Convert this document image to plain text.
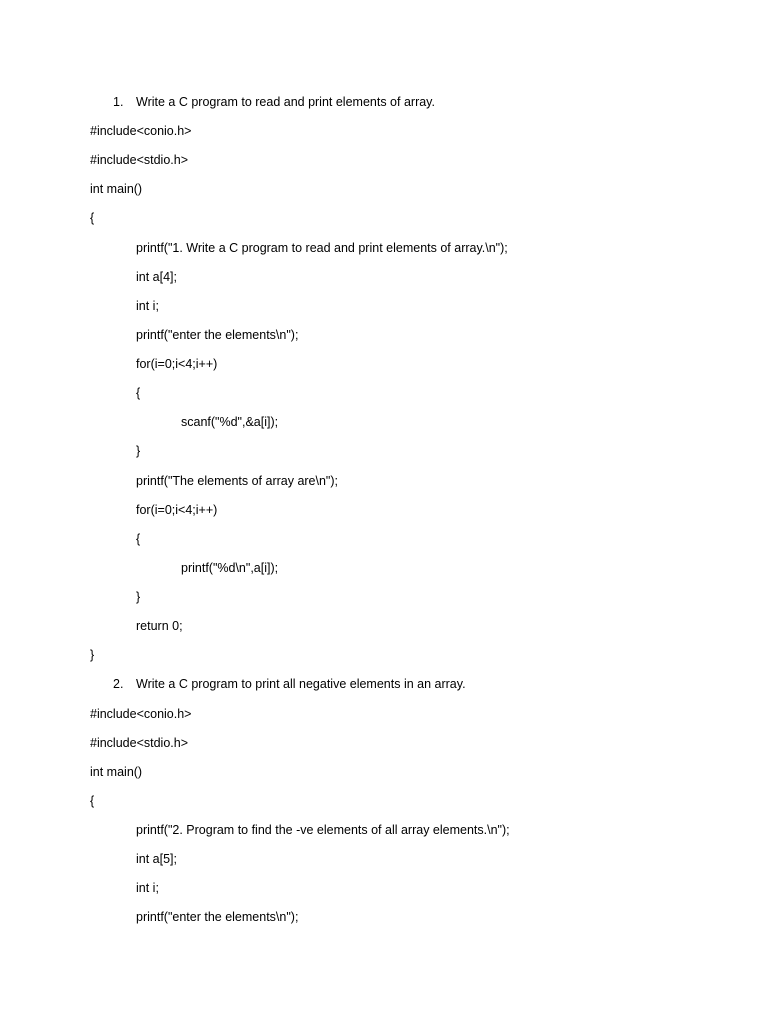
1. Write a C program to read and print elements of array.
#include<conio.h>
#include<stdio.h>
int main()
{
printf("1. Write a C program to read and print elements of array.\n");
int a[4];
int i;
printf("enter the elements\n");
for(i=0;i<4;i++)
{
scanf("%d",&a[i]);
}
printf("The elements of array are\n");
for(i=0;i<4;i++)
{
printf("%d\n",a[i]);
}
return 0;
}
2. Write a C program to print all negative elements in an array.
#include<conio.h>
#include<stdio.h>
int main()
{
printf("2. Program to find the -ve elements of all array elements.\n");
int a[5];
int i;
printf("enter the elements\n");
